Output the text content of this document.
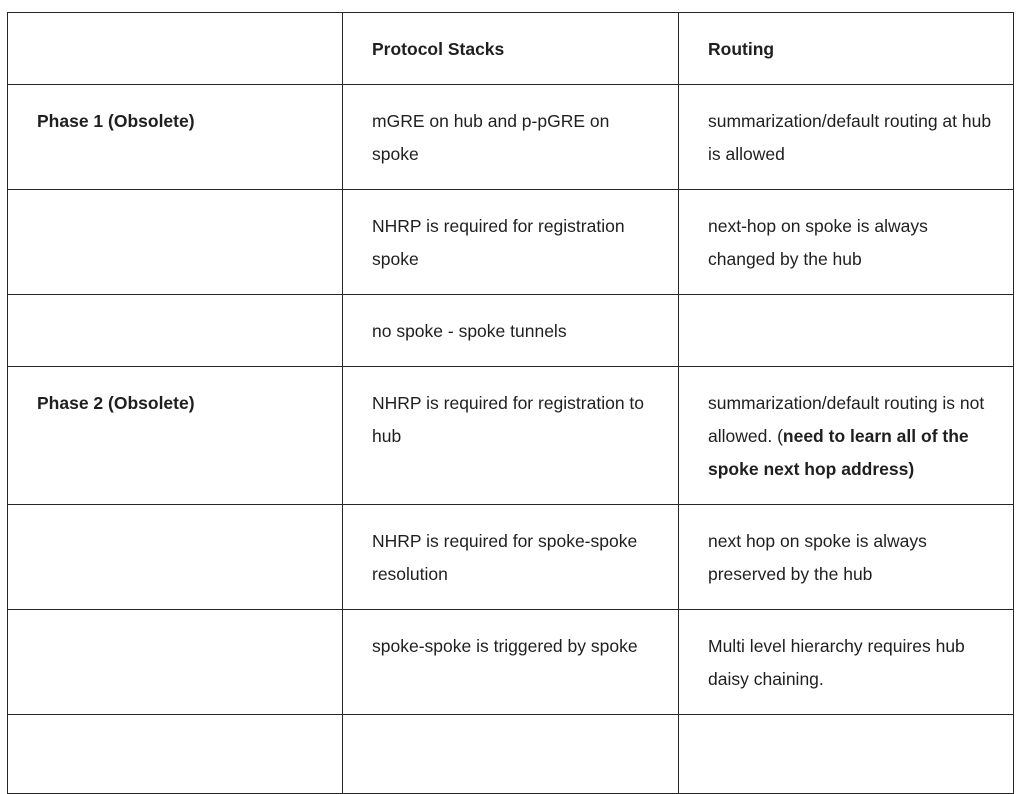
	Protocol Stacks	Routing
Phase 1 (Obsolete)	mGRE on hub and p-pGRE on spoke	summarization/default routing at hub is allowed
	NHRP is required for registration spoke	next-hop on spoke is always changed by the hub
	no spoke - spoke tunnels	
Phase 2 (Obsolete)	NHRP is required for registration to hub	summarization/default routing is not allowed. (need to learn all of the spoke next hop address)
	NHRP is required for spoke-spoke resolution	next hop on spoke is always preserved by the hub
	spoke-spoke is triggered by spoke	Multi level hierarchy requires hub daisy chaining.
